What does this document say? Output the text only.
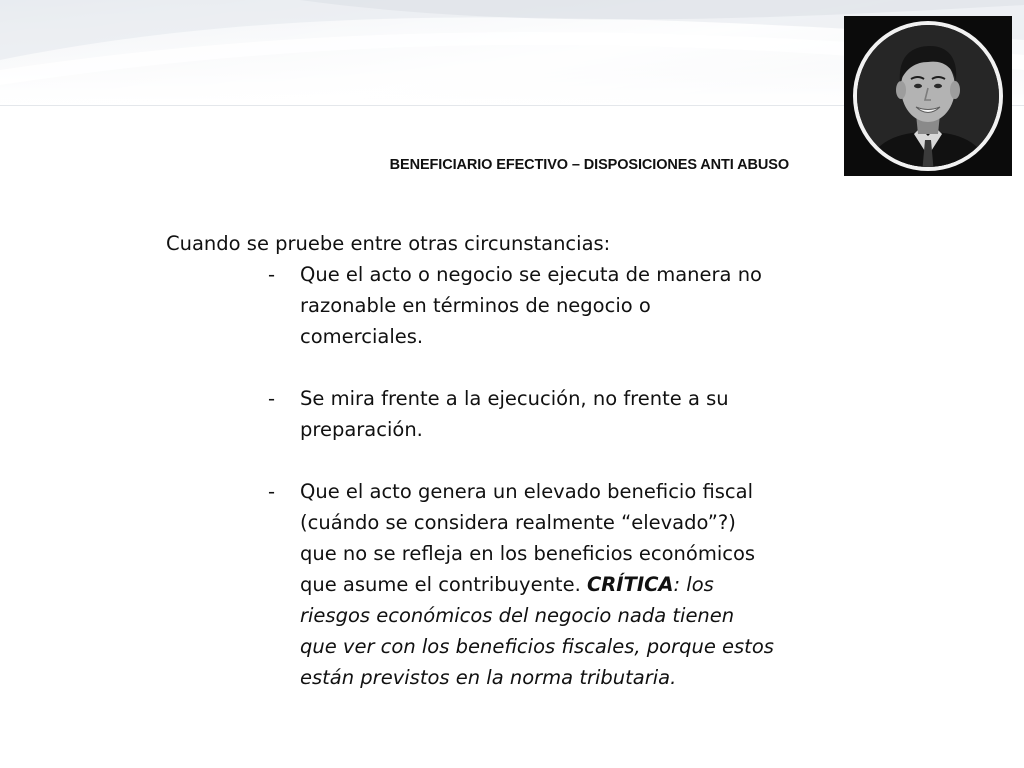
BENEFICIARIO EFECTIVO – DISPOSICIONES ANTI ABUSO

Cuando se pruebe entre otras circunstancias:

- Que el acto o negocio se ejecuta de manera no
razonable en términos de negocio o
comerciales.
- Se mira frente a la ejecución, no frente a su
preparación.
- Que el acto genera un elevado beneficio fiscal
(cuándo se considera realmente “elevado”?)
que no se refleja en los beneficios económicos
que asume el contribuyente. CRÍTICA: los
riesgos económicos del negocio nada tienen
que ver con los beneficios fiscales, porque estos
están previstos en la norma tributaria.
